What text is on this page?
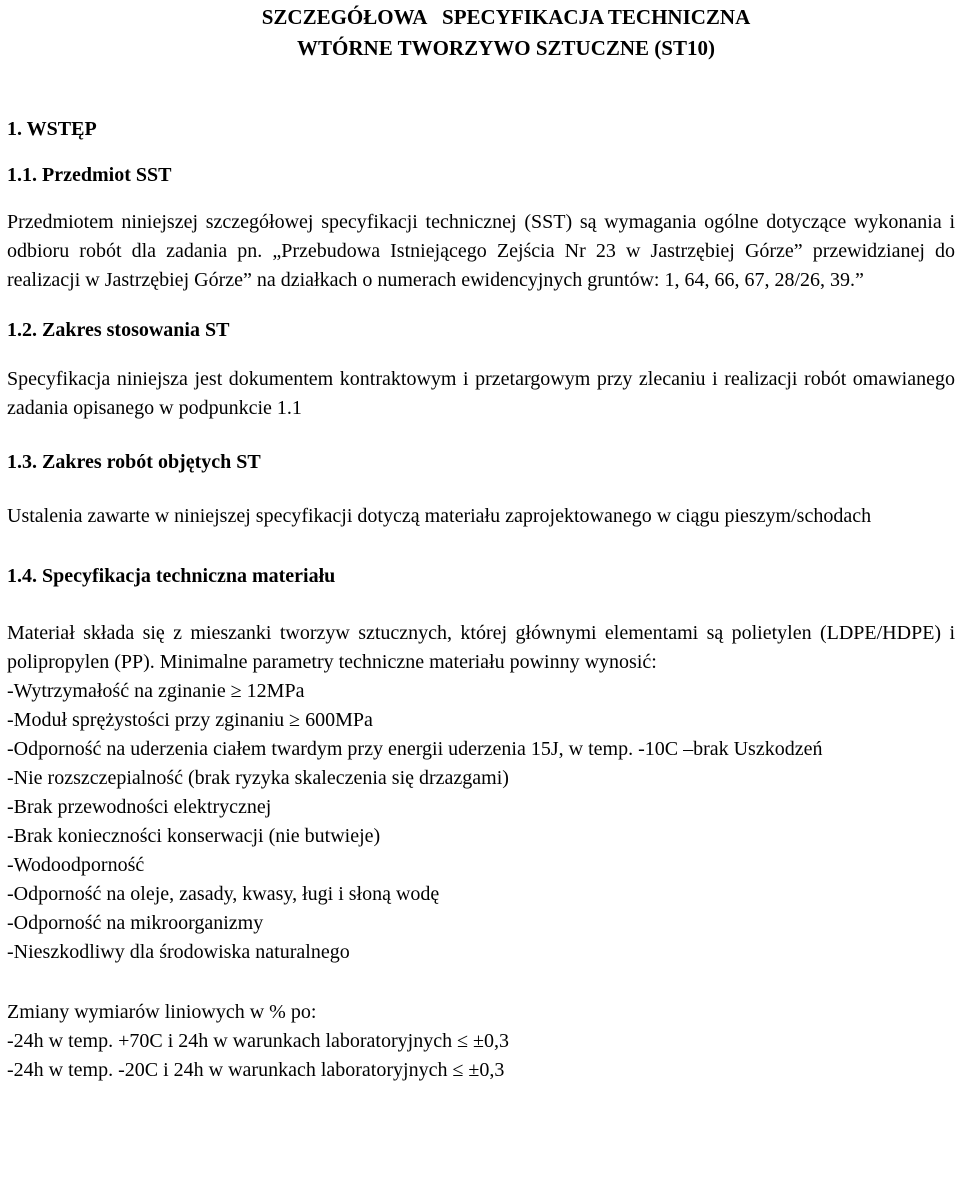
SZCZEGÓŁOWA   SPECYFIKACJA TECHNICZNA

WTÓRNE TWORZYWO SZTUCZNE (ST10)

1. WSTĘP
1.1. Przedmiot SST

Przedmiotem niniejszej szczegółowej specyfikacji technicznej (SST) są wymagania ogólne dotyczące wykonania i odbioru robót dla zadania pn. „Przebudowa Istniejącego Zejścia Nr 23 w Jastrzębiej Górze” przewidzianej do realizacji w Jastrzębiej Górze” na działkach o numerach ewidencyjnych gruntów: 1, 64, 66, 67, 28/26, 39.”

1.2. Zakres stosowania ST

Specyfikacja niniejsza jest dokumentem kontraktowym i przetargowym przy zlecaniu i realizacji robót omawianego zadania opisanego w podpunkcie 1.1

1.3. Zakres robót objętych ST

Ustalenia zawarte w niniejszej specyfikacji dotyczą materiału zaprojektowanego w ciągu pieszym/schodach

1.4. Specyfikacja techniczna materiału

Materiał składa się z mieszanki tworzyw sztucznych, której głównymi elementami są polietylen (LDPE/HDPE) i polipropylen (PP). Minimalne parametry techniczne materiału powinny wynosić:

-Wytrzymałość na zginanie ≥ 12MPa
-Moduł sprężystości przy zginaniu ≥ 600MPa
-Odporność na uderzenia ciałem twardym przy energii uderzenia 15J, w temp. -10C –brak Uszkodzeń
-Nie rozszczepialność (brak ryzyka skaleczenia się drzazgami)
-Brak przewodności elektrycznej
-Brak konieczności konserwacji (nie butwieje)
-Wodoodporność
-Odporność na oleje, zasady, kwasy, ługi i słoną wodę
-Odporność na mikroorganizmy
-Nieszkodliwy dla środowiska naturalnego

Zmiany wymiarów liniowych w % po:

-24h w temp. +70C i 24h w warunkach laboratoryjnych ≤ ±0,3
-24h w temp. -20C i 24h w warunkach laboratoryjnych ≤ ±0,3
